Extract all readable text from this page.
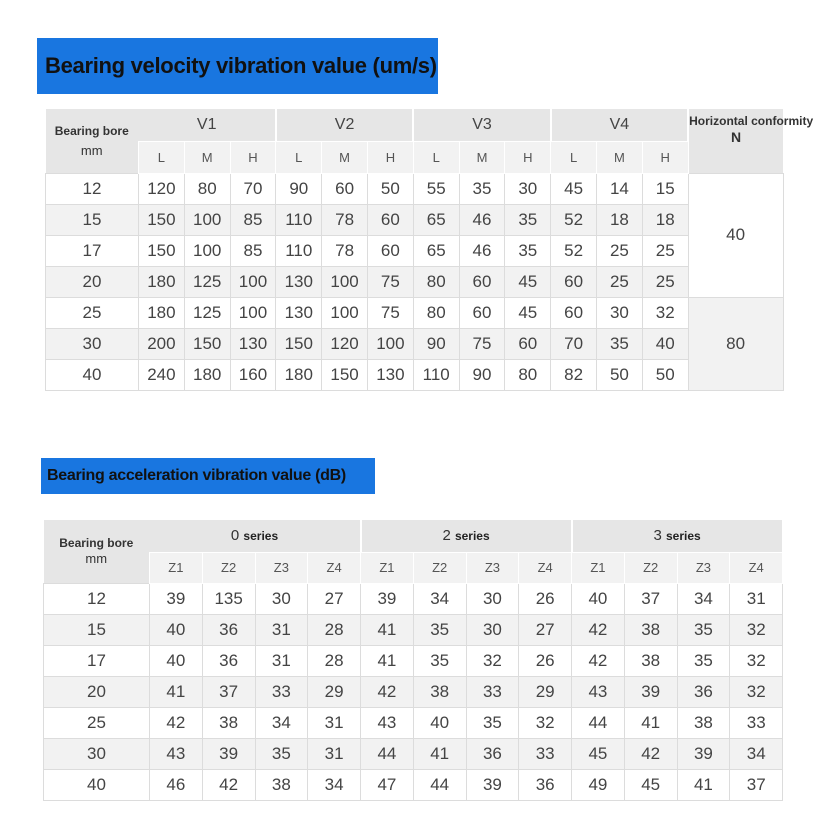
Bearing velocity vibration value (um/s)
Bearing bore
mm	V1			V2			V3			V4			Horizontal conformity
N

	L	M	H	L	M	H	L	M	H	L	M	H	
12	120	80	70	90	60	50	55	35	30	45	14	15	40
15	150	100	85	110	78	60	65	46	35	52	18	18	
17	150	100	85	110	78	60	65	46	35	52	25	25	
20	180	125	100	130	100	75	80	60	45	60	25	25	
25	180	125	100	130	100	75	80	60	45	60	30	32	80
30	200	150	130	150	120	100	90	75	60	70	35	40	
40	240	180	160	180	150	130	110	90	80	82	50	50	
Bearing acceleration vibration value (dB)
Bearing bore
mm	0 series				2 series				3 series			
	Z1	Z2	Z3	Z4	Z1	Z2	Z3	Z4	Z1	Z2	Z3	Z4
12	39	135	30	27	39	34	30	26	40	37	34	31
15	40	36	31	28	41	35	30	27	42	38	35	32
17	40	36	31	28	41	35	32	26	42	38	35	32
20	41	37	33	29	42	38	33	29	43	39	36	32
25	42	38	34	31	43	40	35	32	44	41	38	33
30	43	39	35	31	44	41	36	33	45	42	39	34
40	46	42	38	34	47	44	39	36	49	45	41	37
